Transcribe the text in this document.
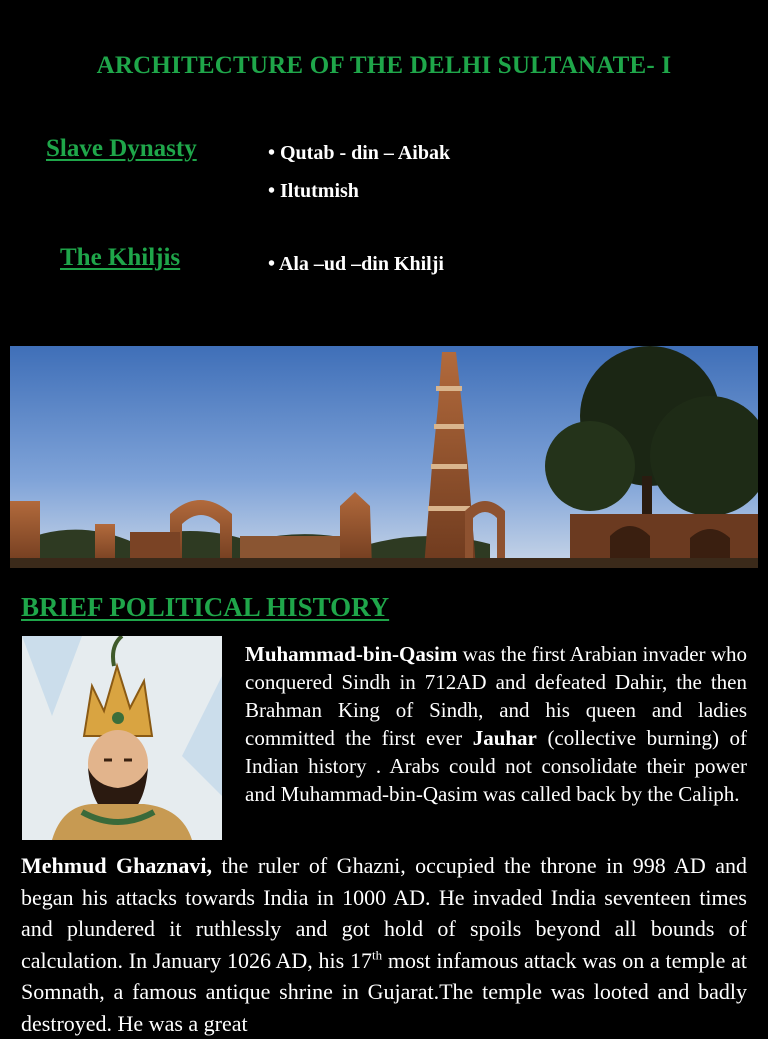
ARCHITECTURE OF THE DELHI SULTANATE- I
Slave Dynasty	• Qutab - din – Aibak
• Iltutmish
The Khiljis	• Ala –ud –din Khilji
BRIEF POLITICAL HISTORY
Muhammad-bin-Qasim was the first Arabian invader who conquered Sindh in 712AD and defeated Dahir, the then Brahman King of Sindh, and his queen and ladies committed the first ever Jauhar (collective burning) of Indian history . Arabs could not consolidate their power and Muhammad-bin-Qasim was called back by the Caliph.
Mehmud Ghaznavi, the ruler of Ghazni, occupied the throne in 998 AD and began his attacks towards India in 1000 AD. He invaded India seventeen times and plundered it ruthlessly and got hold of spoils beyond all bounds of calculation. In January 1026 AD, his 17th most infamous attack was on a temple at Somnath, a famous antique shrine in Gujarat.The temple was looted and badly destroyed. He was a great
